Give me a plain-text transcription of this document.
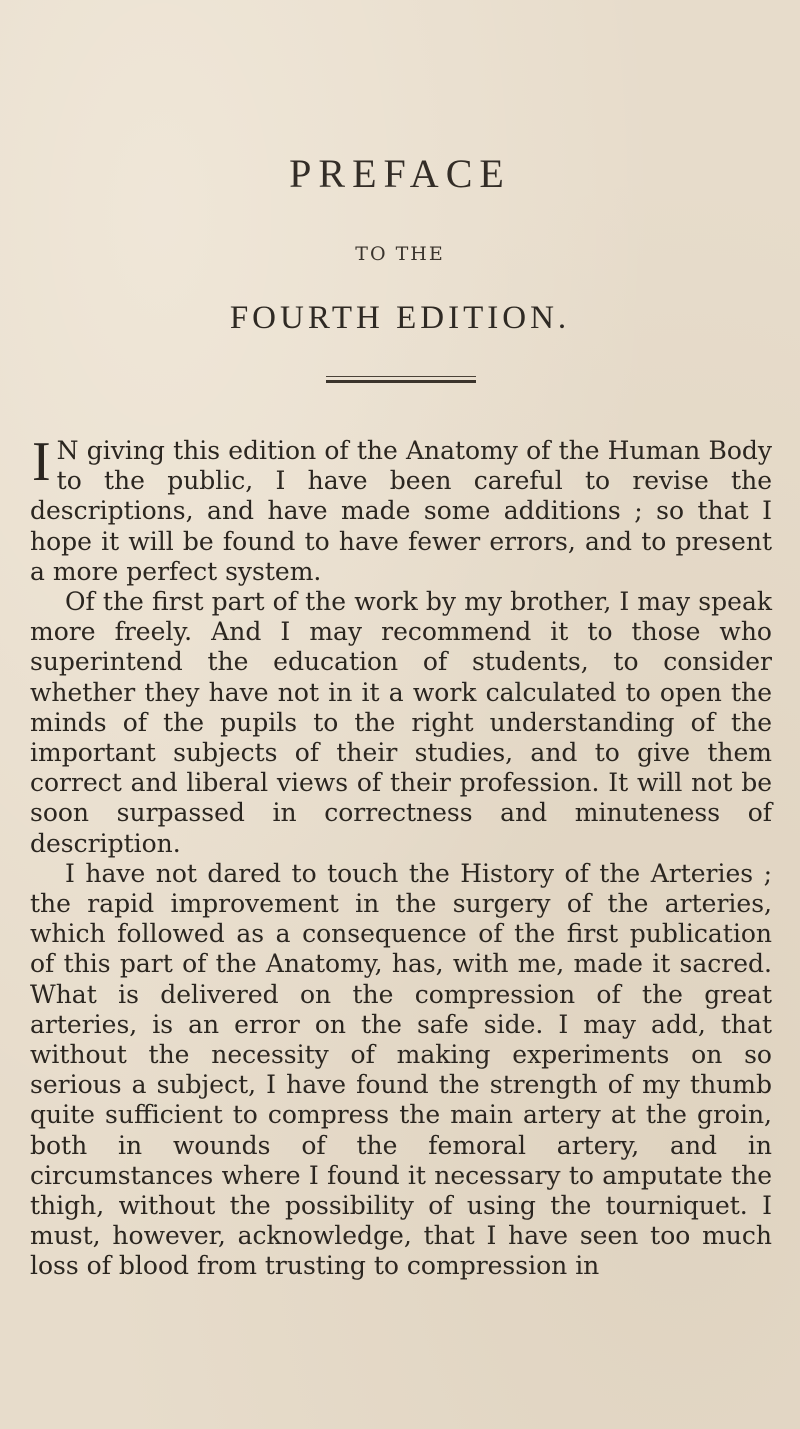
PREFACE
TO THE
FOURTH EDITION.

I N giving this edition of the Anatomy of the Human Body to the public, I have been careful to revise the descriptions, and have made some additions ; so that I hope it will be found to have fewer errors, and to present a more perfect system.

Of the first part of the work by my brother, I may speak more freely. And I may recommend it to those who superintend the education of students, to consider whether they have not in it a work calculated to open the minds of the pupils to the right understanding of the important subjects of their studies, and to give them correct and liberal views of their profession. It will not be soon surpassed in correctness and minuteness of description.

I have not dared to touch the History of the Arteries ; the rapid improvement in the surgery of the arteries, which followed as a consequence of the first publication of this part of the Anatomy, has, with me, made it sacred. What is delivered on the compression of the great arteries, is an error on the safe side. I may add, that without the necessity of making experiments on so serious a subject, I have found the strength of my thumb quite sufficient to compress the main artery at the groin, both in wounds of the femoral artery, and in circumstances where I found it necessary to amputate the thigh, without the possibility of using the tourniquet. I must, however, acknowledge, that I have seen too much loss of blood from trusting to compression in
